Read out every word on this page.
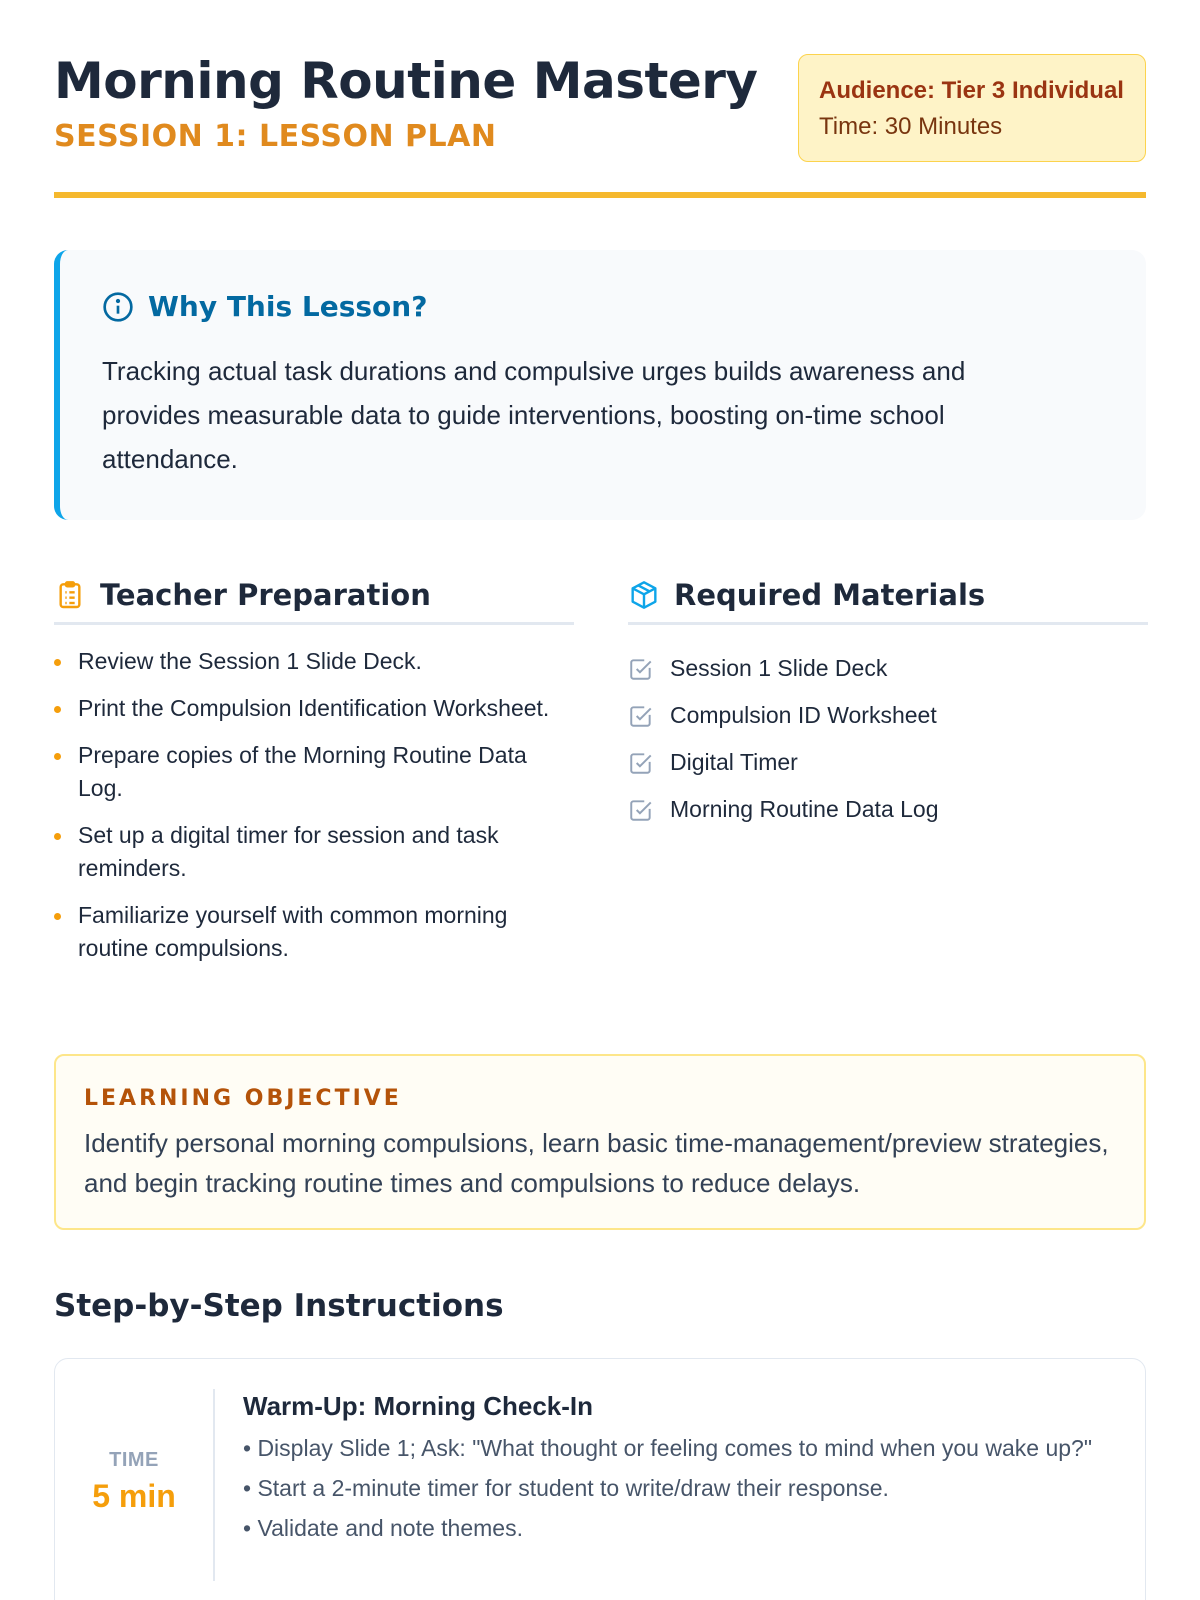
Morning Routine Mastery
SESSION 1: LESSON PLAN
Audience: Tier 3 Individual
Time: 30 Minutes
Why This Lesson?

Tracking actual task durations and compulsive urges builds awareness and provides measurable data to guide interventions, boosting on-time school attendance.

Teacher Preparation
Review the Session 1 Slide Deck.
Print the Compulsion Identification Worksheet.
Prepare copies of the Morning Routine Data Log.
Set up a digital timer for session and task reminders.
Familiarize yourself with common morning routine compulsions.
Required Materials
Session 1 Slide Deck
Compulsion ID Worksheet
Digital Timer
Morning Routine Data Log
LEARNING OBJECTIVE

Identify personal morning compulsions, learn basic time-management/preview strategies, and begin tracking routine times and compulsions to reduce delays.

Step-by-Step Instructions
TIME
5 min
Warm-Up: Morning Check-In
• Display Slide 1; Ask: "What thought or feeling comes to mind when you wake up?"
• Start a 2-minute timer for student to write/draw their response.
• Validate and note themes.
